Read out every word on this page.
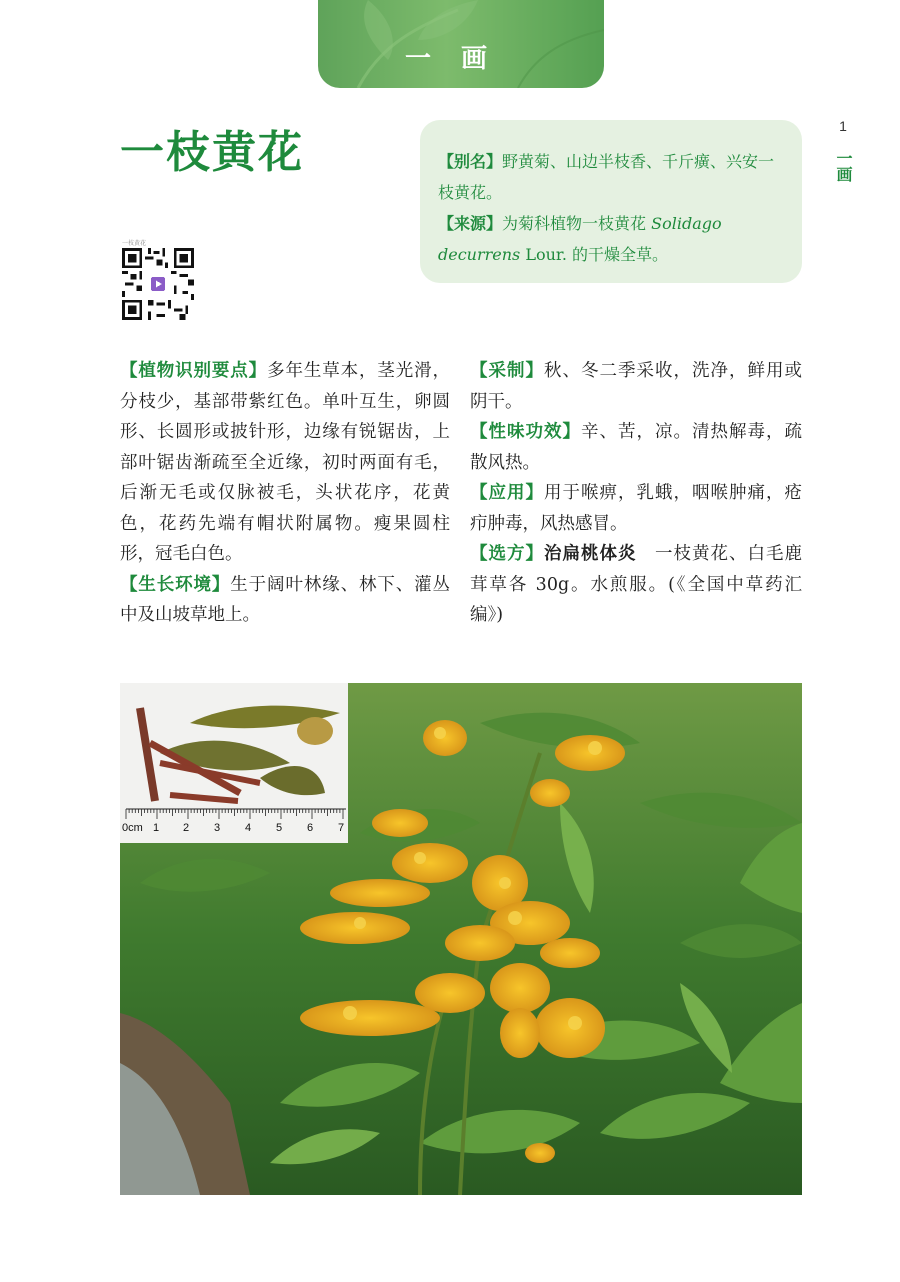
一画
一枝黄花	【别名】野黄菊、山边半枝香、千斤癀、兴安一枝黄花。
【来源】为菊科植物一枝黄花 Solidago decurrens Lour. 的干燥全草。
1
一画
一枝黄花

【植物识别要点】多年生草本，茎光滑，分枝少，基部带紫红色。单叶互生，卵圆形、长圆形或披针形，边缘有锐锯齿，上部叶锯齿渐疏至全近缘，初时两面有毛，后渐无毛或仅脉被毛，头状花序，花黄色，花药先端有帽状附属物。瘦果圆柱形，冠毛白色。

【生长环境】生于阔叶林缘、林下、灌丛中及山坡草地上。

【采制】秋、冬二季采收，洗净，鲜用或阴干。

【性味功效】辛、苦，凉。清热解毒，疏散风热。

【应用】用于喉痹，乳蛾，咽喉肿痛，疮疖肿毒，风热感冒。

【选方】治扁桃体炎　一枝黄花、白毛鹿茸草各 30g。水煎服。(《全国中草药汇编》)

0cm 1 2 3 4 5 6 7
